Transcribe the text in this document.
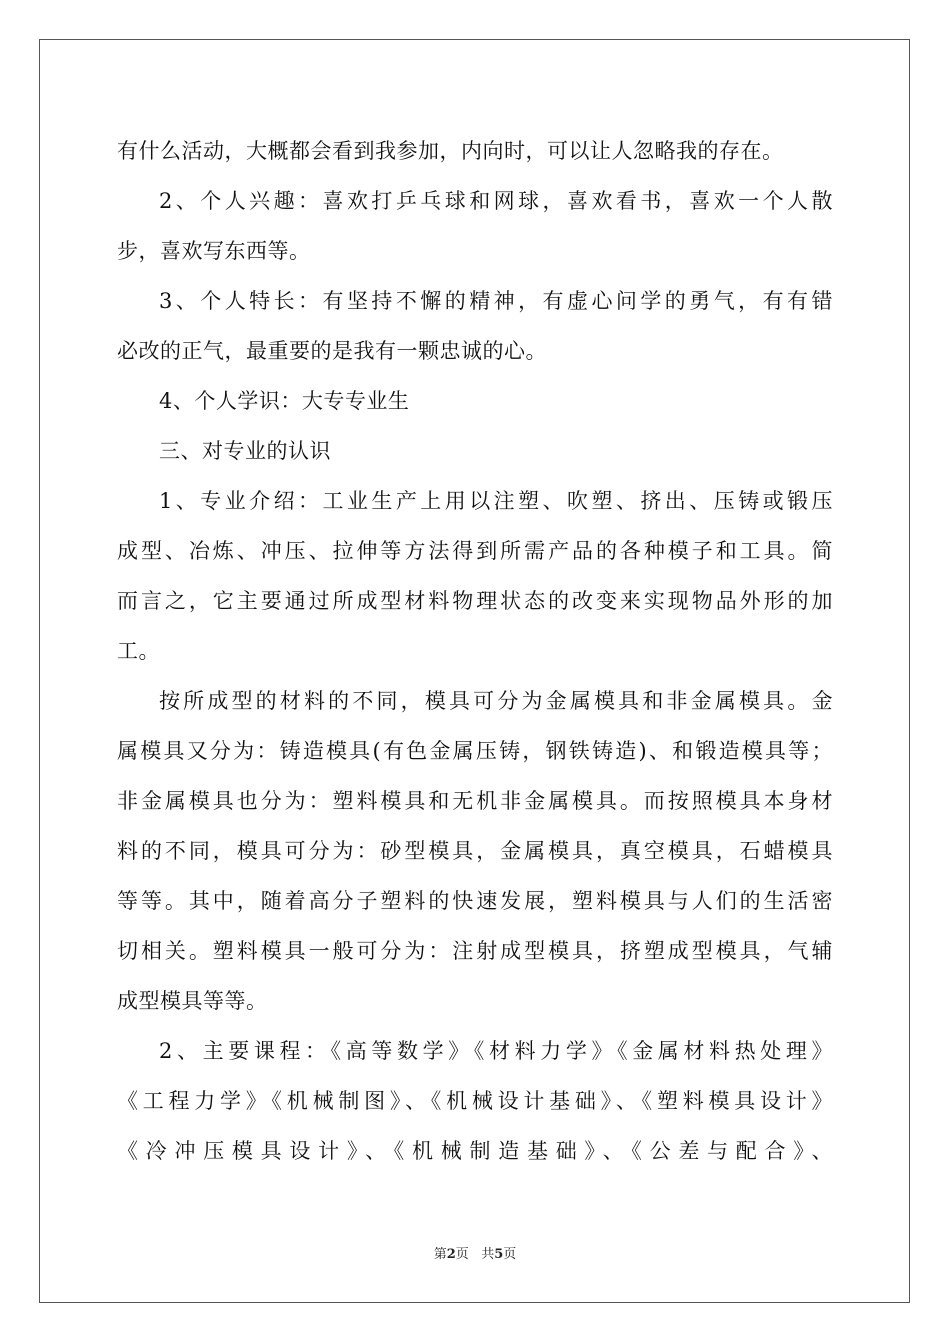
有什么活动，大概都会看到我参加，内向时，可以让人忽略我的存在。
2、个人兴趣：喜欢打乒乓球和网球，喜欢看书，喜欢一个人散
步，喜欢写东西等。
3、个人特长：有坚持不懈的精神，有虚心问学的勇气，有有错
必改的正气，最重要的是我有一颗忠诚的心。
4、个人学识：大专专业生
三、对专业的认识
1、专业介绍：工业生产上用以注塑、吹塑、挤出、压铸或锻压
成型、冶炼、冲压、拉伸等方法得到所需产品的各种模子和工具。简
而言之，它主要通过所成型材料物理状态的改变来实现物品外形的加
工。
按所成型的材料的不同，模具可分为金属模具和非金属模具。金
属模具又分为：铸造模具(有色金属压铸，钢铁铸造)、和锻造模具等；
非金属模具也分为：塑料模具和无机非金属模具。而按照模具本身材
料的不同，模具可分为：砂型模具，金属模具，真空模具，石蜡模具
等等。其中，随着高分子塑料的快速发展，塑料模具与人们的生活密
切相关。塑料模具一般可分为：注射成型模具，挤塑成型模具，气辅
成型模具等等。
2、主要课程：《高等数学》《材料力学》《金属材料热处理》
《工程力学》《机械制图》、《机械设计基础》、《塑料模具设计》
《冷冲压模具设计》、《机械制造基础》、《公差与配合》、
第2页 共5页
